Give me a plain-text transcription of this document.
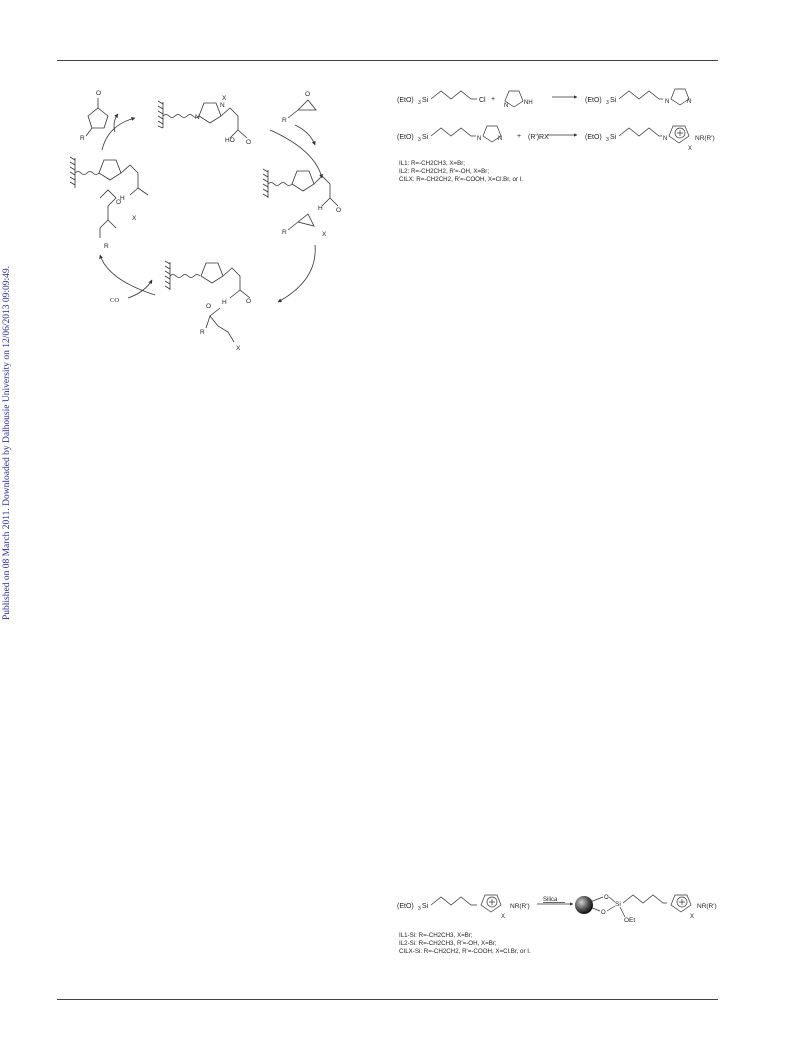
Published on 08 March 2011. Downloaded by Dalhousie University on 12/06/2013 09:09:49.
N
N
X
HO O
R
O
H O
R	X
O
H	O
R
X
O
R
H
O
R
X
CO
(EtO) 3 Si	Cl +
N	NH	(EtO) 3 Si	N	N
(EtO) 3 Si	N	N + (R')RX	(EtO) 3 Si	N	NR(R')
X
IL1: R=-CH2CH3, X=Br;
IL2: R=-CH2CH2, R'=-OH, X=Br;
CILX: R=-CH2CH2, R'=-COOH, X=Cl.Br, or I.
(EtO) 3 Si	NR(R')
X
Silica	O
O
Si
OEt
NR(R')
X
IL1-Si: R=-CH2CH3, X=Br;
IL2-Si: R=-CH2CH3, R'=-OH, X=Br;
CILX-Si: R=-CH2CH2, R'=-COOH, X=Cl.Br, or I.
